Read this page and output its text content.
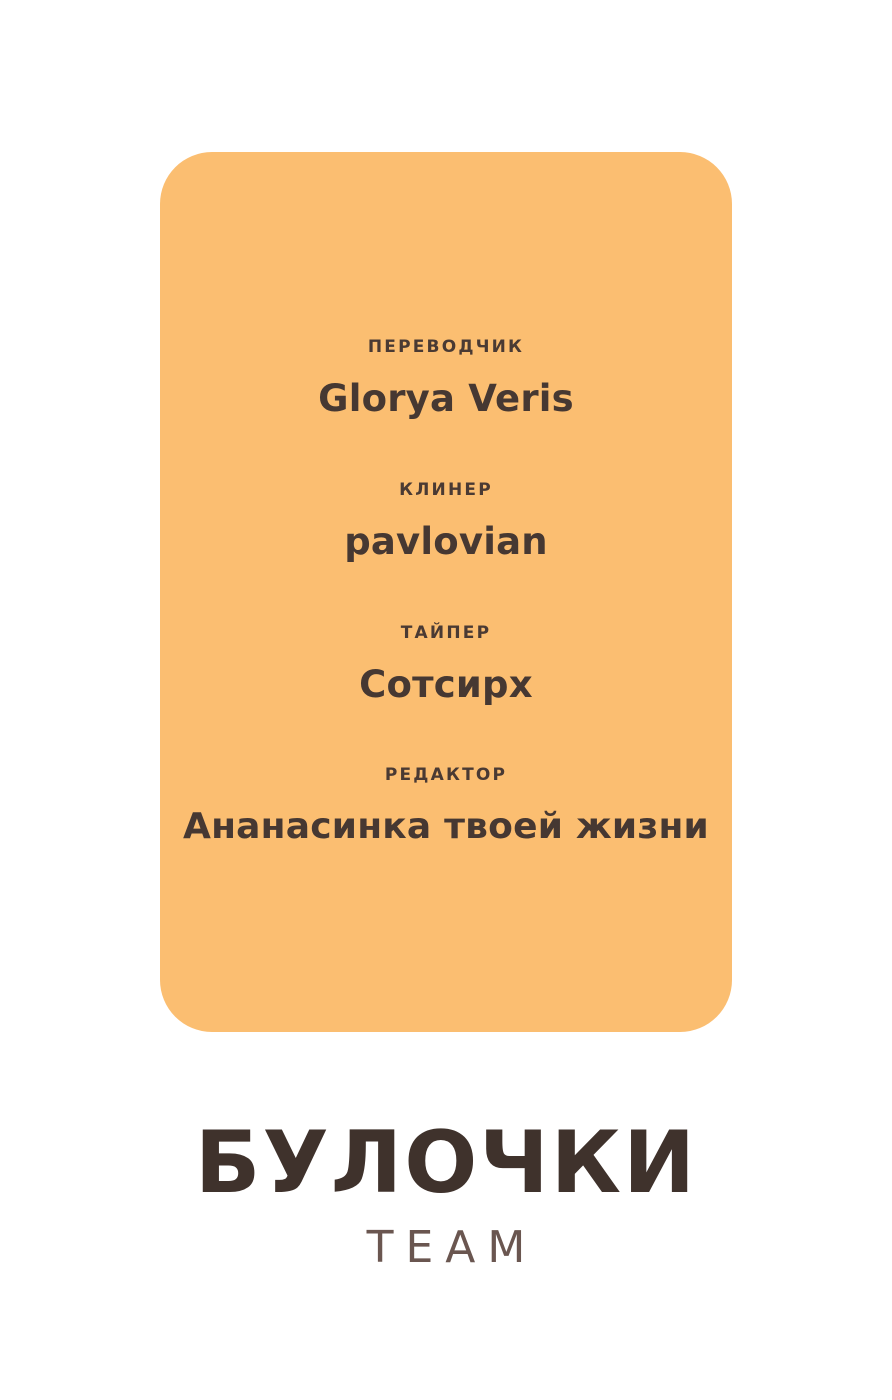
ПЕРЕВОДЧИК
Glorya Veris
КЛИНЕР
pavlovian
ТАЙПЕР
Сотсирх
РЕДАКТОР
Ананасинка твоей жизни
БУЛОЧКИ
TEAM
